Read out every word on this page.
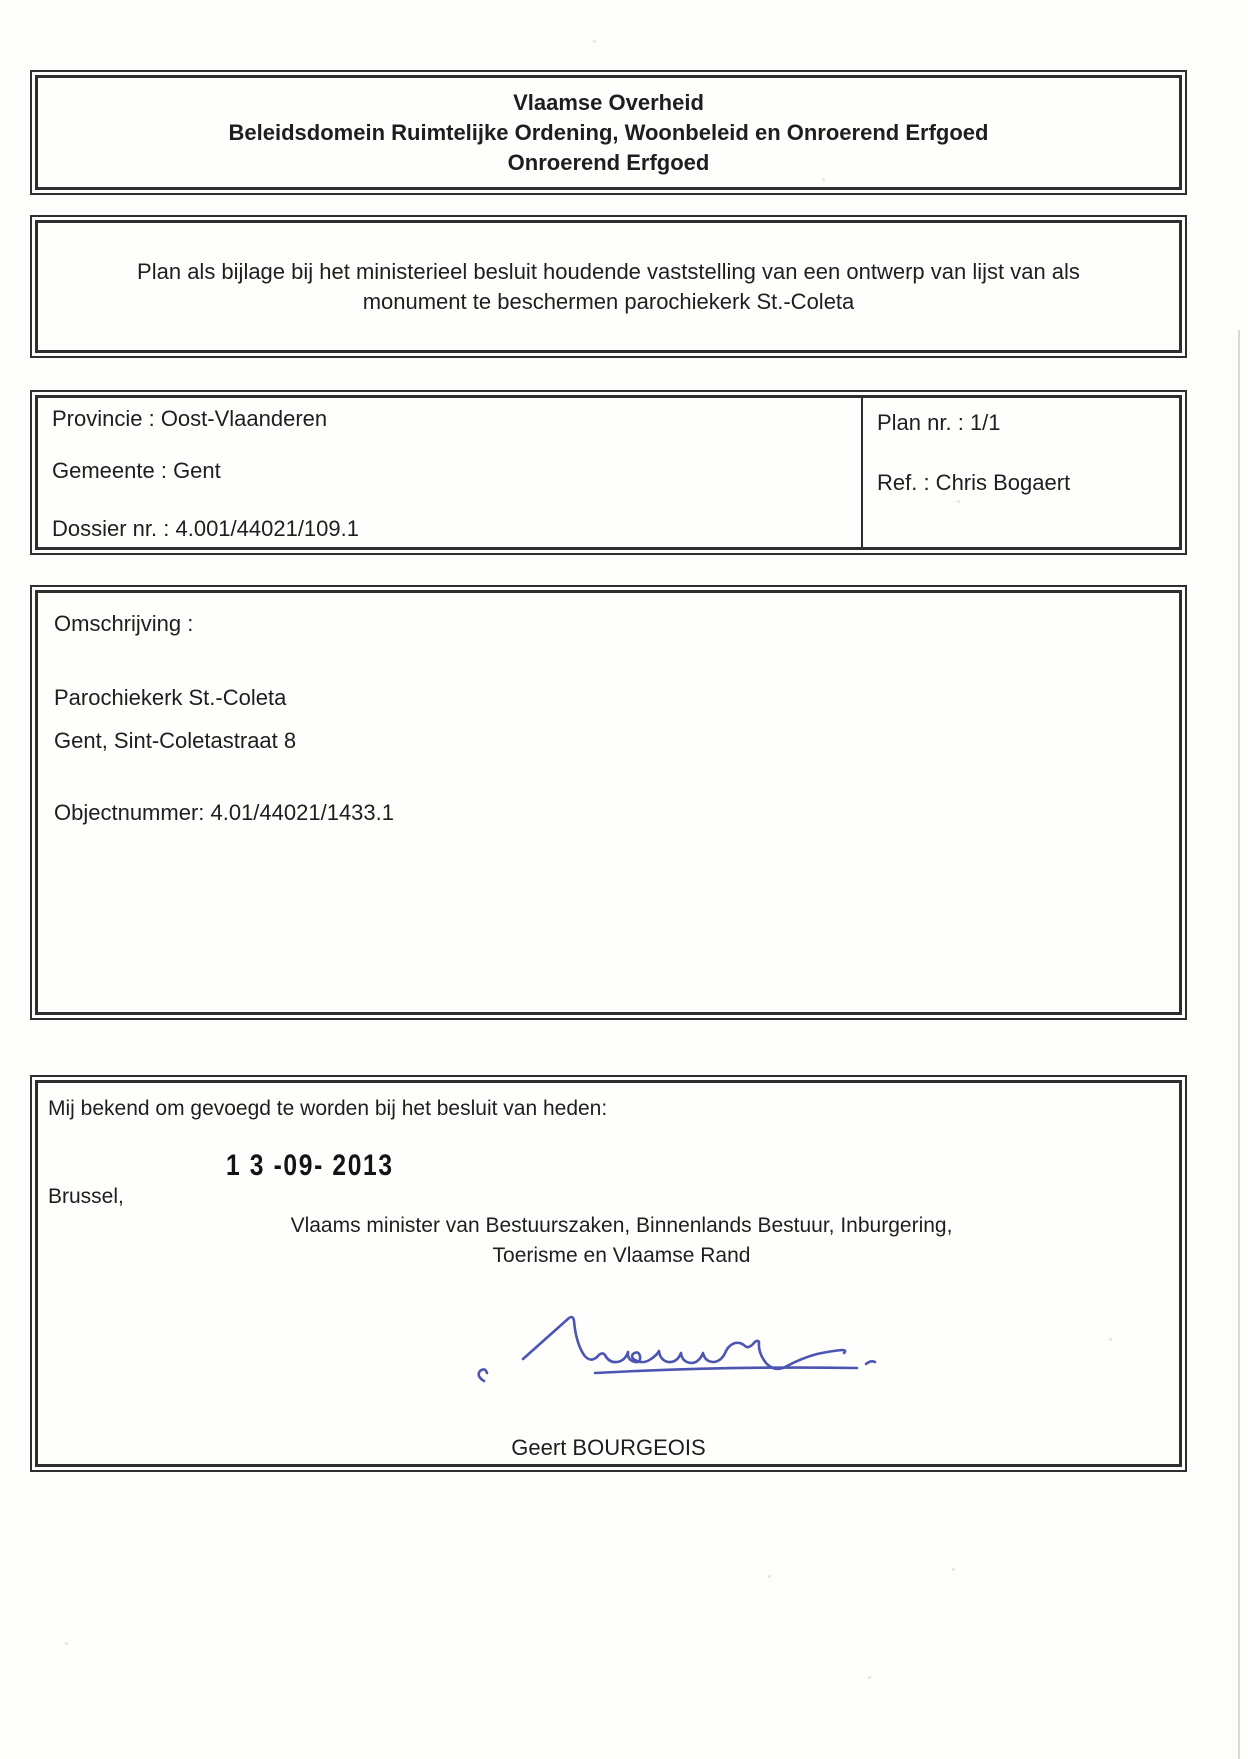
Vlaamse Overheid

Beleidsdomein Ruimtelijke Ordening, Woonbeleid en Onroerend Erfgoed

Onroerend Erfgoed

Plan als bijlage bij het ministerieel besluit houdende vaststelling van een ontwerp van lijst van als

monument te beschermen parochiekerk St.-Coleta

Provincie : Oost-Vlaanderen

Gemeente : Gent

Dossier nr. : 4.001/44021/109.1

Plan nr. : 1/1

Ref. : Chris Bogaert

Omschrijving :

Parochiekerk St.-Coleta

Gent, Sint-Coletastraat 8

Objectnummer: 4.01/44021/1433.1

Mij bekend om gevoegd te worden bij het besluit van heden:

1 3 -09- 2013

Brussel,

Vlaams minister van Bestuurszaken, Binnenlands Bestuur, Inburgering,

Toerisme en Vlaamse Rand

Geert BOURGEOIS
